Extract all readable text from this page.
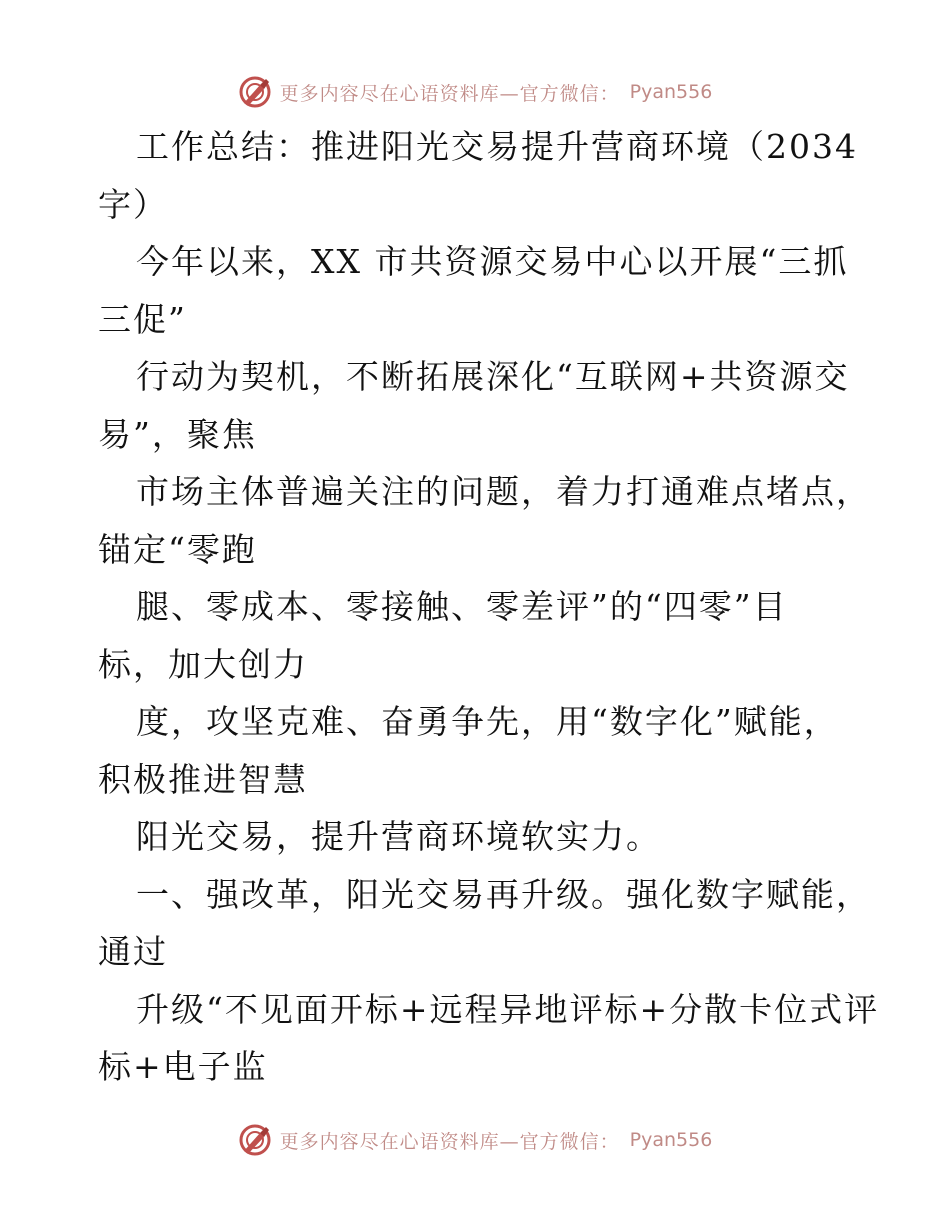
更多内容尽在心语资料库—官方微信： Pyan556
工作总结：推进阳光交易提升营商环境（2034
字）
今年以来，XX 市共资源交易中心以开展“三抓
三促”
行动为契机，不断拓展深化“互联网+共资源交
易”，聚焦
市场主体普遍关注的问题，着力打通难点堵点，
锚定“零跑
腿、零成本、零接触、零差评”的“四零”目
标，加大创力
度，攻坚克难、奋勇争先，用“数字化”赋能，
积极推进智慧
阳光交易，提升营商环境软实力。
一、强改革，阳光交易再升级。强化数字赋能，
通过
升级“不见面开标+远程异地评标+分散卡位式评
标+电子监
更多内容尽在心语资料库—官方微信： Pyan556
